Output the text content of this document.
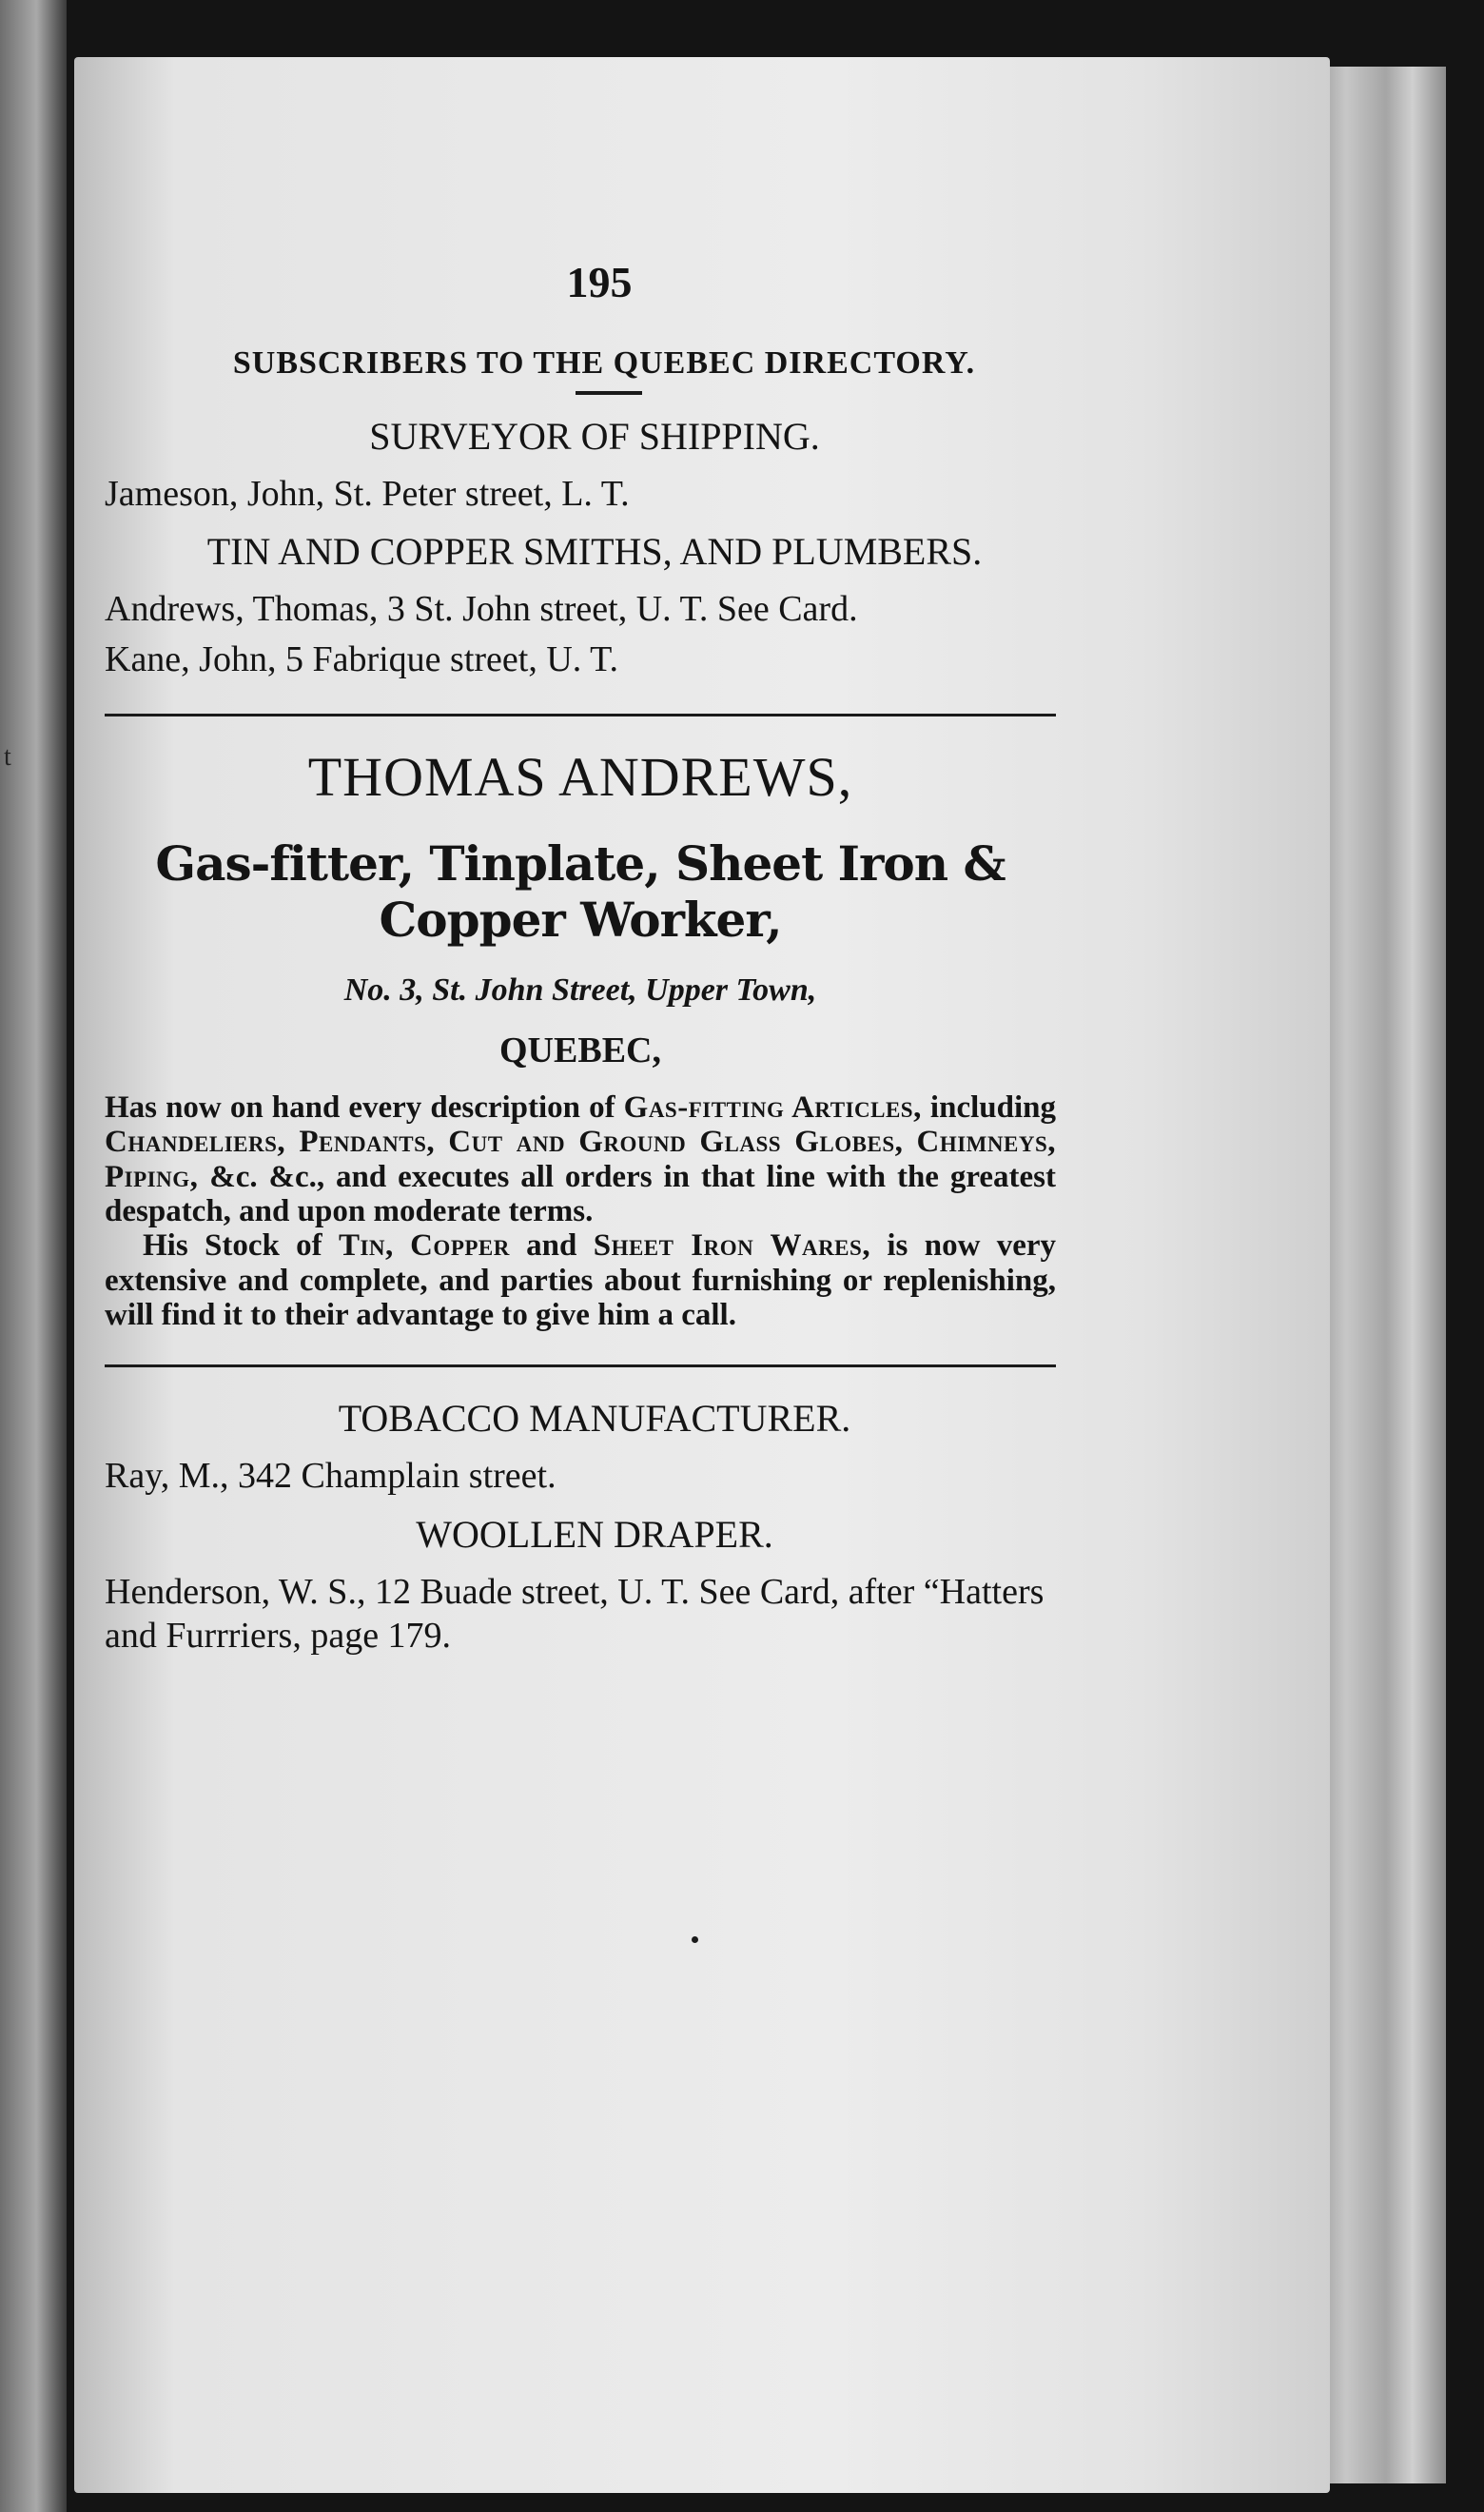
t
195
SUBSCRIBERS TO THE QUEBEC DIRECTORY.
SURVEYOR OF SHIPPING.
Jameson, John, St. Peter street, L. T.
TIN AND COPPER SMITHS, AND PLUMBERS.
Andrews, Thomas, 3 St. John street, U. T. See Card.
Kane, John, 5 Fabrique street, U. T.
THOMAS ANDREWS,
Gas-fitter, Tinplate, Sheet Iron & Copper Worker,
No. 3, St. John Street, Upper Town,
QUEBEC,

Has now on hand every description of Gas-fitting Articles, including Chandeliers, Pendants, Cut and Ground Glass Globes, Chimneys, Piping, &c. &c., and executes all orders in that line with the greatest despatch, and upon moderate terms.

His Stock of Tin, Copper and Sheet Iron Wares, is now very extensive and complete, and parties about furnishing or replenishing, will find it to their advantage to give him a call.

TOBACCO MANUFACTURER.
Ray, M., 342 Champlain street.
WOOLLEN DRAPER.
Henderson, W. S., 12 Buade street, U. T. See Card, after “Hatters and Furrriers, page 179.
